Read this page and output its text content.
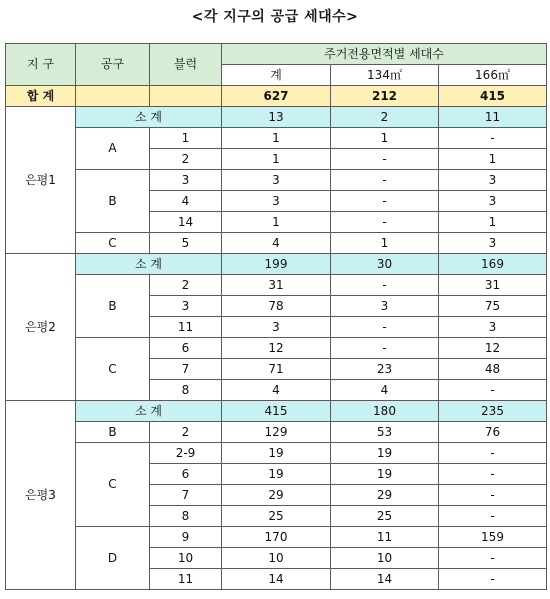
<각 지구의 공급 세대수>
지 구	공구	블럭	주거전용면적별 세대수		
			계	134㎡	166㎡
합 계			627	212	415
은평1	소 계		13	2	11
	A	1	1	1	-
		2	1	-	1
	B	3	3	-	3
		4	3	-	3
		14	1	-	1
	C	5	4	1	3
은평2	소 계		199	30	169
	B	2	31	-	31
		3	78	3	75
		11	3	-	3
	C	6	12	-	12
		7	71	23	48
		8	4	4	-
은평3	소 계		415	180	235
	B	2	129	53	76
	C	2-9	19	19	-
		6	19	19	-
		7	29	29	-
		8	25	25	-
	D	9	170	11	159
		10	10	10	-
		11	14	14	-
